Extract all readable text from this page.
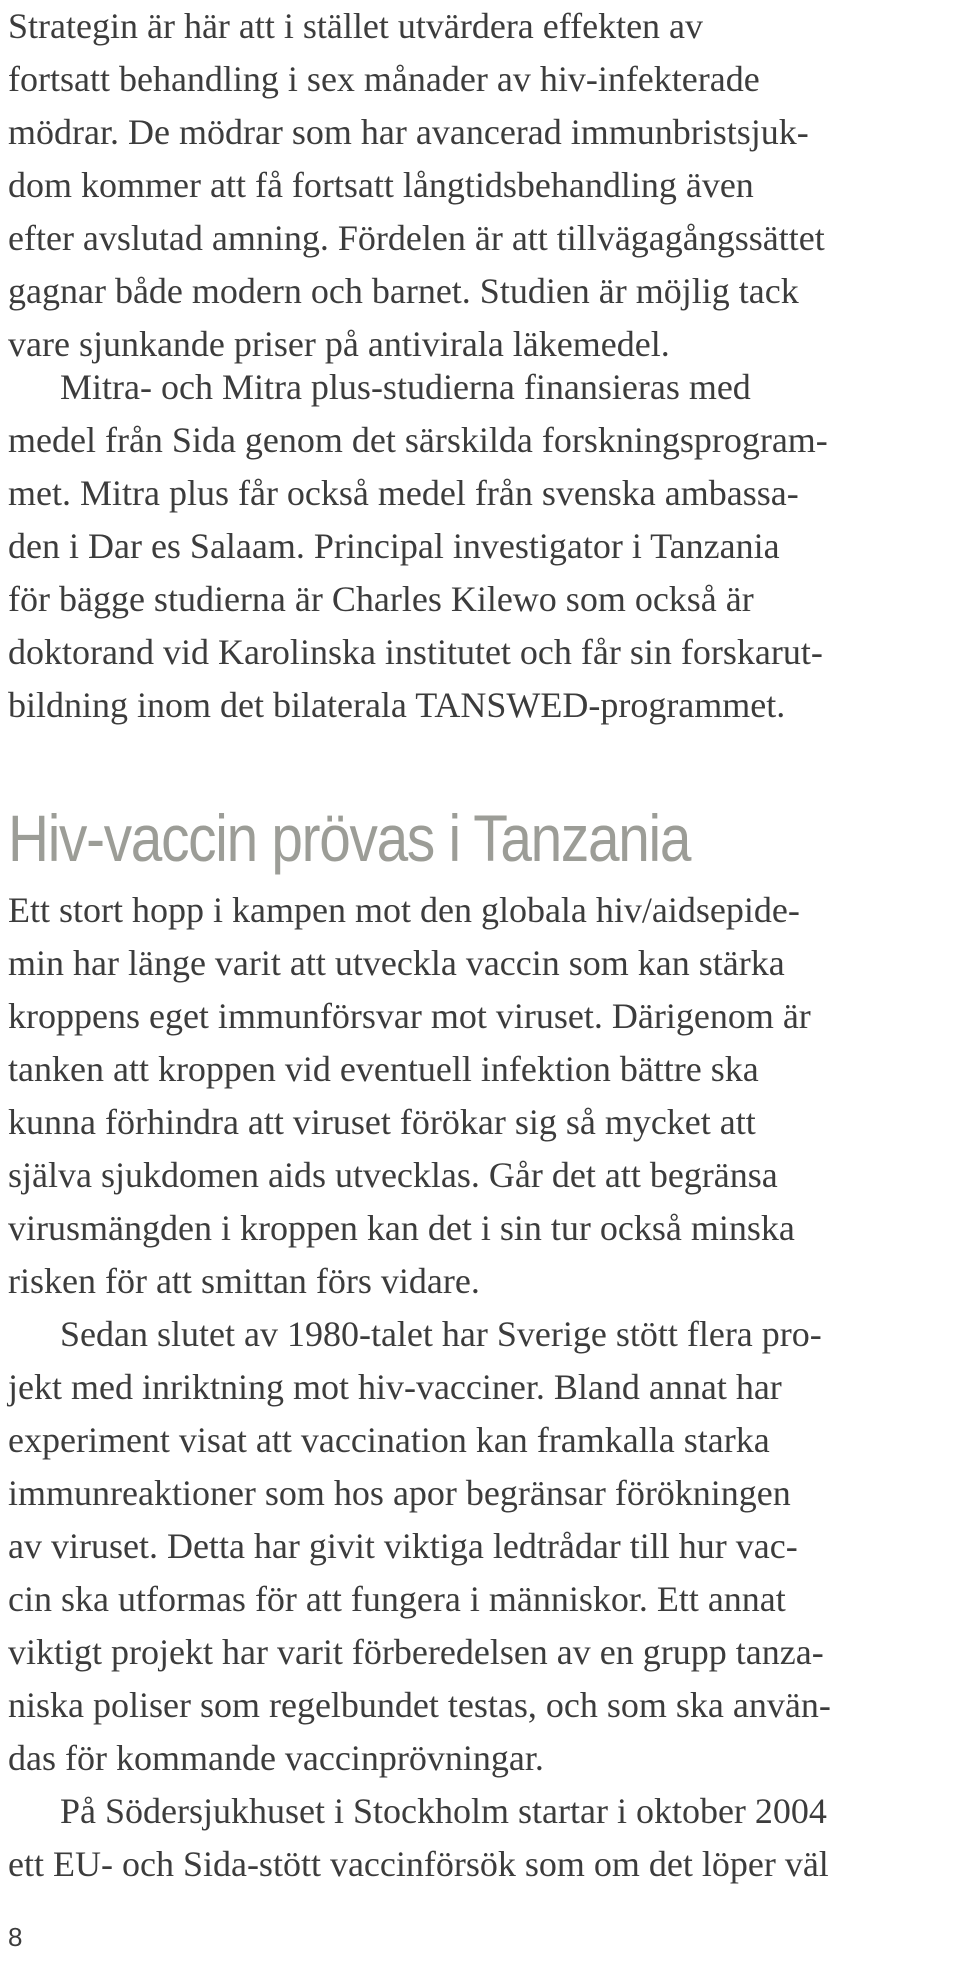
Strategin är här att i stället utvärdera effekten av
fortsatt behandling i sex månader av hiv-infekterade
mödrar. De mödrar som har avancerad immunbristsjuk-
dom kommer att få fortsatt långtidsbehandling även
efter avslutad amning. Fördelen är att tillvägagångssättet
gagnar både modern och barnet. Studien är möjlig tack
vare sjunkande priser på antivirala läkemedel.
Mitra- och Mitra plus-studierna finansieras med
medel från Sida genom det särskilda forskningsprogram-
met. Mitra plus får också medel från svenska ambassa-
den i Dar es Salaam. Principal investigator i Tanzania
för bägge studierna är Charles Kilewo som också är
doktorand vid Karolinska institutet och får sin forskarut-
bildning inom det bilaterala TANSWED-programmet.
Hiv-vaccin prövas i Tanzania
Ett stort hopp i kampen mot den globala hiv/aidsepide-
min har länge varit att utveckla vaccin som kan stärka
kroppens eget immunförsvar mot viruset. Därigenom är
tanken att kroppen vid eventuell infektion bättre ska
kunna förhindra att viruset förökar sig så mycket att
själva sjukdomen aids utvecklas. Går det att begränsa
virusmängden i kroppen kan det i sin tur också minska
risken för att smittan förs vidare.
Sedan slutet av 1980-talet har Sverige stött flera pro-
jekt med inriktning mot hiv-vacciner. Bland annat har
experiment visat att vaccination kan framkalla starka
immunreaktioner som hos apor begränsar förökningen
av viruset. Detta har givit viktiga ledtrådar till hur vac-
cin ska utformas för att fungera i människor. Ett annat
viktigt projekt har varit förberedelsen av en grupp tanza-
niska poliser som regelbundet testas, och som ska använ-
das för kommande vaccinprövningar.
På Södersjukhuset i Stockholm startar i oktober 2004
ett EU- och Sida-stött vaccinförsök som om det löper väl
8
